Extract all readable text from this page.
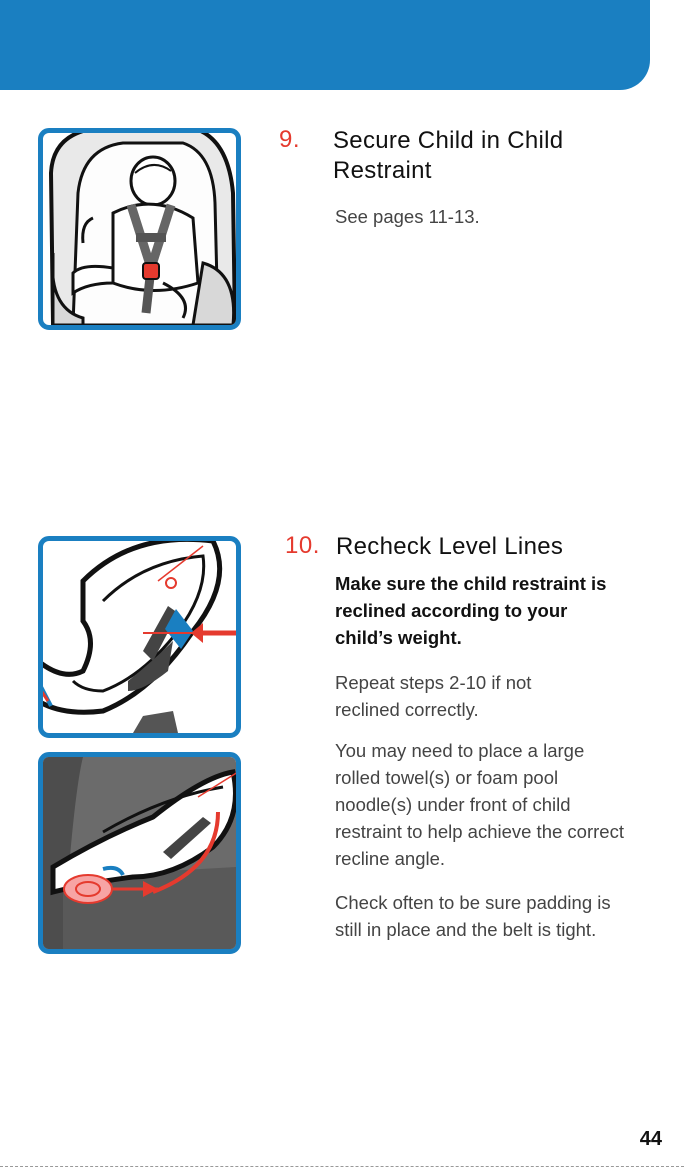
9. Secure Child in Child Restraint

See pages 11-13.

10. Recheck Level Lines

Make sure the child restraint is reclined according to your child’s weight.

Repeat steps 2-10 if not reclined correctly.

You may need to place a large rolled towel(s) or foam pool noodle(s) under front of child restraint to help achieve the correct recline angle.

Check often to be sure padding is still in place and the belt is tight.

44
